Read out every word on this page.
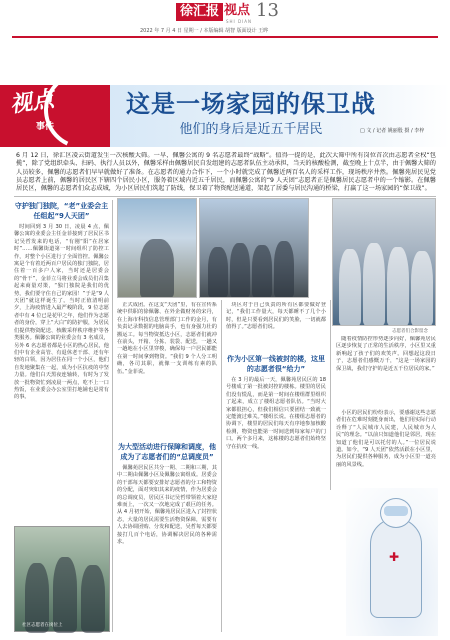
徐汇报 视点
SHI DIAN
13
2022 年 7 月 4 日 星期一 / 本版编辑 胡智 版面设计 王晔
视点
事件
这是一场家园的保卫战
他们的身后是近五千居民	□ 文 / 记者 姚丽殷 摄 / 李梓
6 月 12 日，徐汇区凌云街道发生一次核酸大筛。一早，佩馨公寓的 9 名志愿者最终“战略”。值得一提的是，此次大筛中所有岗位首次由志愿者全权“包揽”，除了党组织牵头、扫码、执行人员以外，佩馨采样由佩馨居民自发组建的志愿者队伍主动承担，当天的核酸检测，截至晚上十点半，由于佩馨大筛的人员较多，佩馨的志愿者们早早就做好了准备。在志愿者的通力合作下，一个小时就完成了佩馨近两百名人的采样工作，现场秩序井然。佩馨苑居民见党员志愿者上前，佩馨的居民区下辖四个居民小区，服务着区域内近五千居民，而佩馨公寓的“9 人天团”志愿者正是佩馨居民志愿者中的一个缩影。在佩馨居民区，佩馨的志愿者们众志成城，为小区居民们筑起了防线，保卫着了物资配送通道，架起了居委与居民沟通的桥梁，打赢了这一场家园的“保卫战”。
志愿者们合影留念
守护独门独院，“老”业委会主任组起“9人天团”
时间回到 3 月 30 日，凌晨 4 点，佩馨公寓的业委会主任金菲接到了居民区书记吴哲发来的电话，“有刚“阳”在居家时”……佩馨街道第一时间组织了防控工作，对整个小区进行了全面管控。佩馨公寓是个有着近两百户居民的独门独院，居住着一百多户人家，当时还是居委会的“骨干”，金菲立马将业委会成员们召集起来商量对策，“独门独院是我们的优势，我们要守住自己的家园！”于是“9 人天团”就这样诞生了。当时正值清明前夕，上海疫情进入最严峻阶段，9 位志愿者中有 4 位已是花甲之年，他们作为志愿者的身份，穿上“大白”的防护服，为居民们提供物资配送、核酸采样秩序维护等各类服务。佩馨公寓的业委会有 3 名成员，另外 6 名志愿者都是小区的热心居民，他们中有企业高管、有退休老干部、还有年轻的白领，因为居住在同一个小区，他们自发地聚集在一起，成为小区抗疫的中坚力量。他们白天黑夜连轴转，有时为了发放一批物资忙到凌晨一两点，吃不上一口热饭，在业委会办公室里打地铺也是常有的事。
正式成团。在这支“天团”里，有在宣传系统中供职的徐佩馨、在外企做财务的宋丹，在上海市科技信息管理部门工作的金月，有负责记录数据的电脑高手，也有身强力壮的搬运工。每当物资抵达小区，志愿者们就冲在前头，开箱、分拣、装袋、配送，一趟又一趟地在小区里穿梭，确保每一户居民都能在第一时间拿到物资。“我们 9 个人分工明确，各司其职，就像一支训练有素的队伍。”金菲说。
为大型活动进行保障和调度，他成为了志愿者们的“总调度员”
佩馨苑居民区共分一期、二期和三期，其中二期由佩馨小区及佩馨公寓组成。居委会的干部每天都要安排好志愿者的分工和物资的分配，面对突如其来的疫情，作为居委会的总调度员，居民区书记吴哲带领着大家迎难而上，一次又一次地完成了艰巨的任务。从 4 月初开始，佩馨苑居民区进入了封控状态，大量的居民需要生活物资保障，需要有人去协调团购、分发和配送，吴哲每天都要接打几百个电话，协调解决居民的各种需求。
块区对于自己负责的所有区都要做好登记，“我们工作量大，每天都睡不了几个小时，但是只要看到居民们的笑脸，一切就都值得了。”志愿者们说。
作为小区第一线被封的楼，这里的志愿者很“给力”
在 3 月的最后一天，佩馨苑居民区的 18 号楼成了第一批被封控的楼栋。楼里的居民们没有慌乱，而是第一时间在楼组群里组织了起来，成立了楼组志愿者队伍。“当时大家都很担心，但我们相信只要团结一致就一定能渡过难关。”楼组长说。在楼组志愿者的协调下，楼里的居民们每天有序地参加核酸检测，物资也能第一时间送到每家每户的门口。两个多月来，这栋楼的志愿者们始终坚守在抗疫一线。
随着疫情防控形势逐步向好，佩馨苑居民区逐步恢复了正常的生活秩序，小区里又重新响起了孩子们的欢笑声。回想起这段日子，志愿者们感慨万千，“这是一场家园的保卫战，我们守护的是近五千位居民的家。”
小区的居民们纷纷表示，要感谢这些志愿者们在危难时刻挺身而出，他们用实际行动诠释了“人民城市人民建，人民城市为人民”的理念。“以前只知道他们是邻居，现在知道了他们是可以托付的人。”一位居民说道。如今，“9 人天团”依然活跃在小区里，为居民们提供各种服务，成为小区里一道亮丽的风景线。
社区志愿者在岗位上
✚
